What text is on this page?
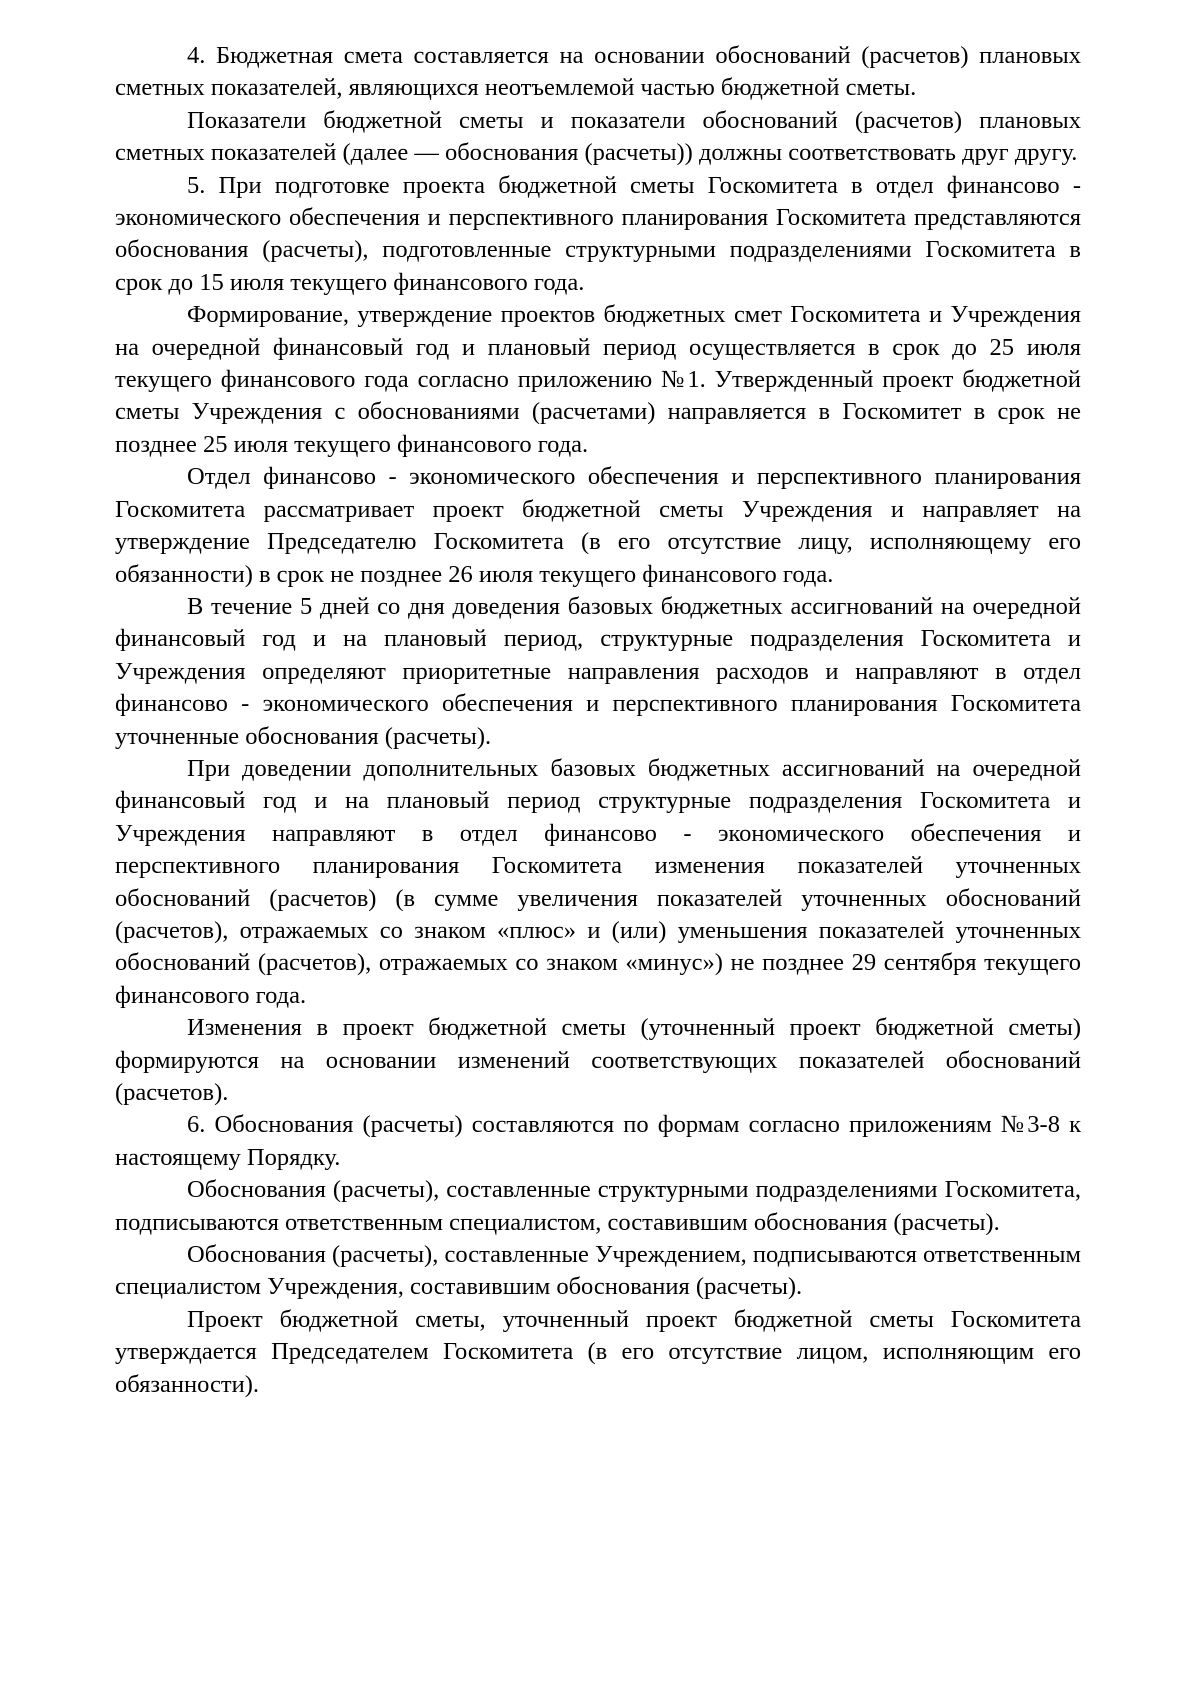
4. Бюджетная смета составляется на основании обоснований (расчетов) плановых сметных показателей, являющихся неотъемлемой частью бюджетной сметы.

Показатели бюджетной сметы и показатели обоснований (расчетов) плановых сметных показателей (далее — обоснования (расчеты)) должны соответствовать друг другу.

5. При подготовке проекта бюджетной сметы Госкомитета в отдел финансово - экономического обеспечения и перспективного планирования Госкомитета представляются обоснования (расчеты), подготовленные структурными подразделениями Госкомитета в срок до 15 июля текущего финансового года.

Формирование, утверждение проектов бюджетных смет Госкомитета и Учреждения на очередной финансовый год и плановый период осуществляется в срок до 25 июля текущего финансового года согласно приложению №1. Утвержденный проект бюджетной сметы Учреждения с обоснованиями (расчетами) направляется в Госкомитет в срок не позднее 25 июля текущего финансового года.

Отдел финансово - экономического обеспечения и перспективного планирования Госкомитета рассматривает проект бюджетной сметы Учреждения и направляет на утверждение Председателю Госкомитета (в его отсутствие лицу, исполняющему его обязанности) в срок не позднее 26 июля текущего финансового года.

В течение 5 дней со дня доведения базовых бюджетных ассигнований на очередной финансовый год и на плановый период, структурные подразделения Госкомитета и Учреждения определяют приоритетные направления расходов и направляют в отдел финансово - экономического обеспечения и перспективного планирования Госкомитета уточненные обоснования (расчеты).

При доведении дополнительных базовых бюджетных ассигнований на очередной финансовый год и на плановый период структурные подразделения Госкомитета и Учреждения направляют в отдел финансово - экономического обеспечения и перспективного планирования Госкомитета изменения показателей уточненных обоснований (расчетов) (в сумме увеличения показателей уточненных обоснований (расчетов), отражаемых со знаком «плюс» и (или) уменьшения показателей уточненных обоснований (расчетов), отражаемых со знаком «минус») не позднее 29 сентября текущего финансового года.

Изменения в проект бюджетной сметы (уточненный проект бюджетной сметы) формируются на основании изменений соответствующих показателей обоснований (расчетов).

6. Обоснования (расчеты) составляются по формам согласно приложениям №3-8 к настоящему Порядку.

Обоснования (расчеты), составленные структурными подразделениями Госкомитета, подписываются ответственным специалистом, составившим обоснования (расчеты).

Обоснования (расчеты), составленные Учреждением, подписываются ответственным специалистом Учреждения, составившим обоснования (расчеты).

Проект бюджетной сметы, уточненный проект бюджетной сметы Госкомитета утверждается Председателем Госкомитета (в его отсутствие лицом, исполняющим его обязанности).
